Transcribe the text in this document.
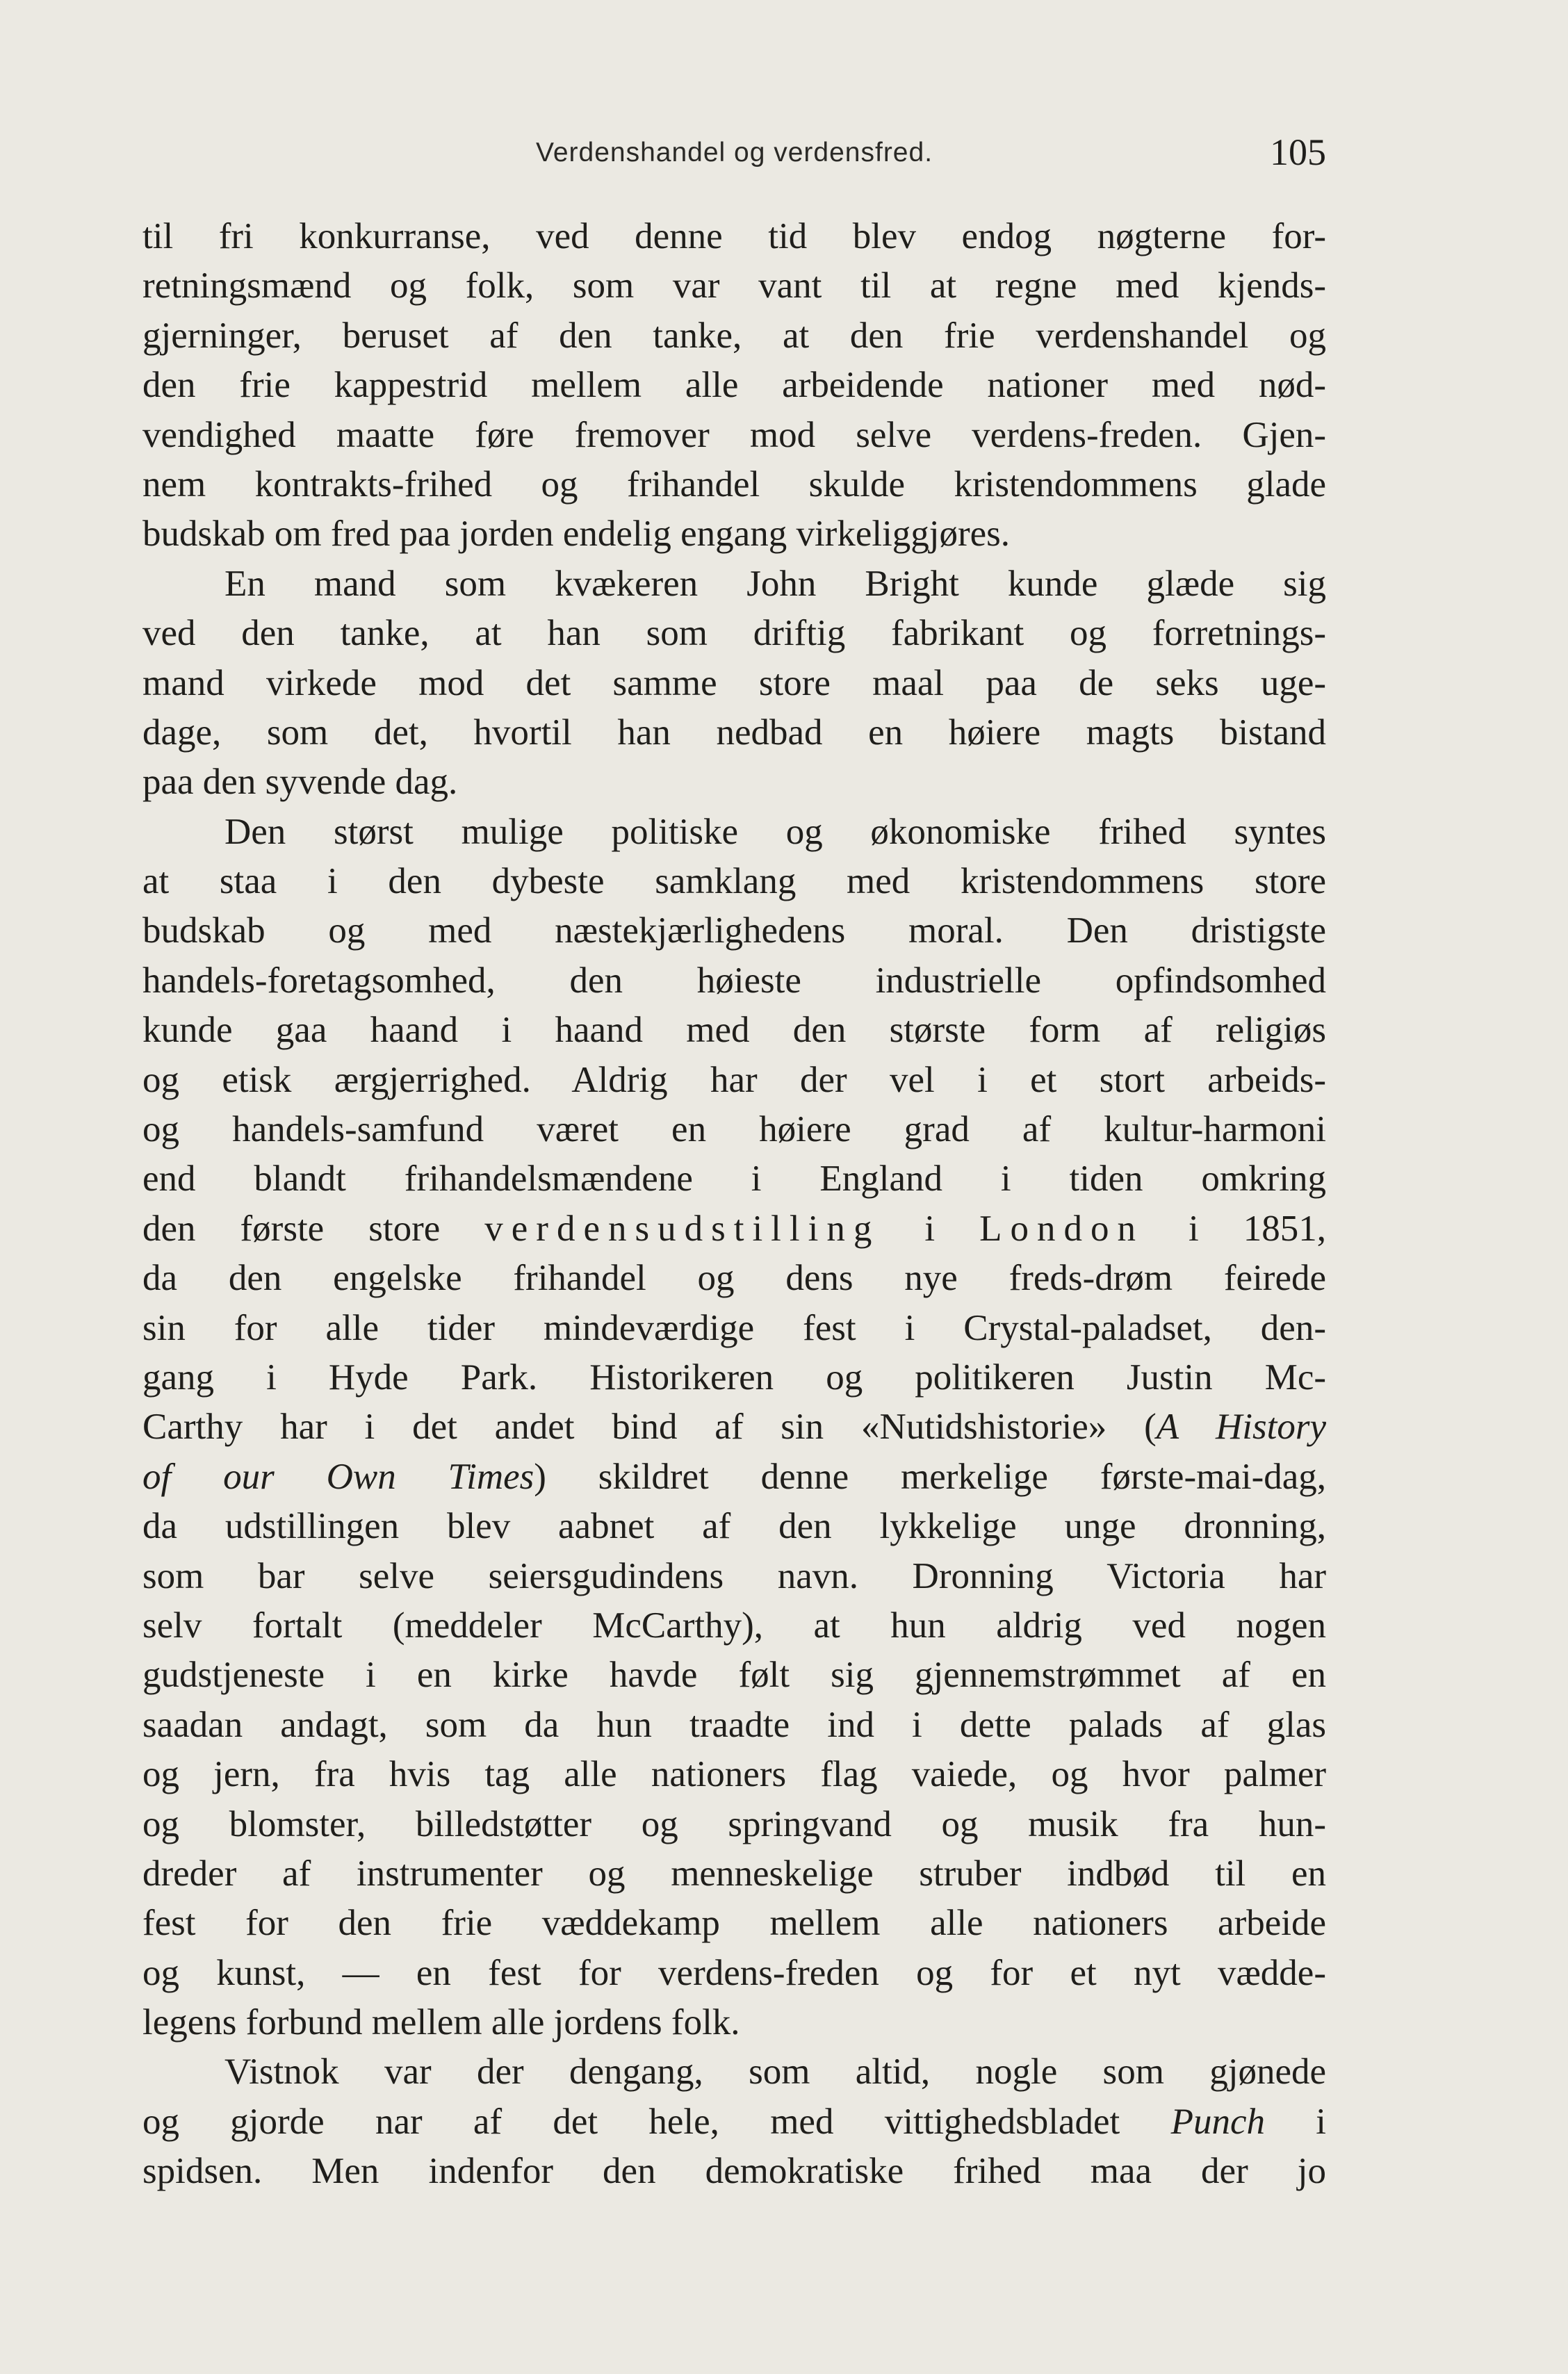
Verdenshandel og verdensfred.	105
til fri konkurranse, ved denne tid blev endog nøgterne for-
retningsmænd og folk, som var vant til at regne med kjends-
gjerninger, beruset af den tanke, at den frie verdenshandel og
den frie kappestrid mellem alle arbeidende nationer med nød-
vendighed maatte føre fremover mod selve verdens-freden. Gjen-
nem kontrakts-frihed og frihandel skulde kristendommens glade
budskab om fred paa jorden endelig engang virkeliggjøres.
En mand som kvækeren John Bright kunde glæde sig
ved den tanke, at han som driftig fabrikant og forretnings-
mand virkede mod det samme store maal paa de seks uge-
dage, som det, hvortil han nedbad en høiere magts bistand
paa den syvende dag.
Den størst mulige politiske og økonomiske frihed syntes
at staa i den dybeste samklang med kristendommens store
budskab og med næstekjærlighedens moral. Den dristigste
handels-foretagsomhed, den høieste industrielle opfindsomhed
kunde gaa haand i haand med den største form af religiøs
og etisk ærgjerrighed. Aldrig har der vel i et stort arbeids-
og handels-samfund været en høiere grad af kultur-harmoni
end blandt frihandelsmændene i England i tiden omkring
den første store verdensudstilling i London i 1851,
da den engelske frihandel og dens nye freds-drøm feirede
sin for alle tider mindeværdige fest i Crystal-paladset, den-
gang i Hyde Park. Historikeren og politikeren Justin Mc-
Carthy har i det andet bind af sin «Nutidshistorie» (A History
of our Own Times) skildret denne merkelige første-mai-dag,
da udstillingen blev aabnet af den lykkelige unge dronning,
som bar selve seiersgudindens navn. Dronning Victoria har
selv fortalt (meddeler McCarthy), at hun aldrig ved nogen
gudstjeneste i en kirke havde følt sig gjennemstrømmet af en
saadan andagt, som da hun traadte ind i dette palads af glas
og jern, fra hvis tag alle nationers flag vaiede, og hvor palmer
og blomster, billedstøtter og springvand og musik fra hun-
dreder af instrumenter og menneskelige struber indbød til en
fest for den frie væddekamp mellem alle nationers arbeide
og kunst, — en fest for verdens-freden og for et nyt vædde-
legens forbund mellem alle jordens folk.
Vistnok var der dengang, som altid, nogle som gjønede
og gjorde nar af det hele, med vittighedsbladet Punch i
spidsen. Men indenfor den demokratiske frihed maa der jo
